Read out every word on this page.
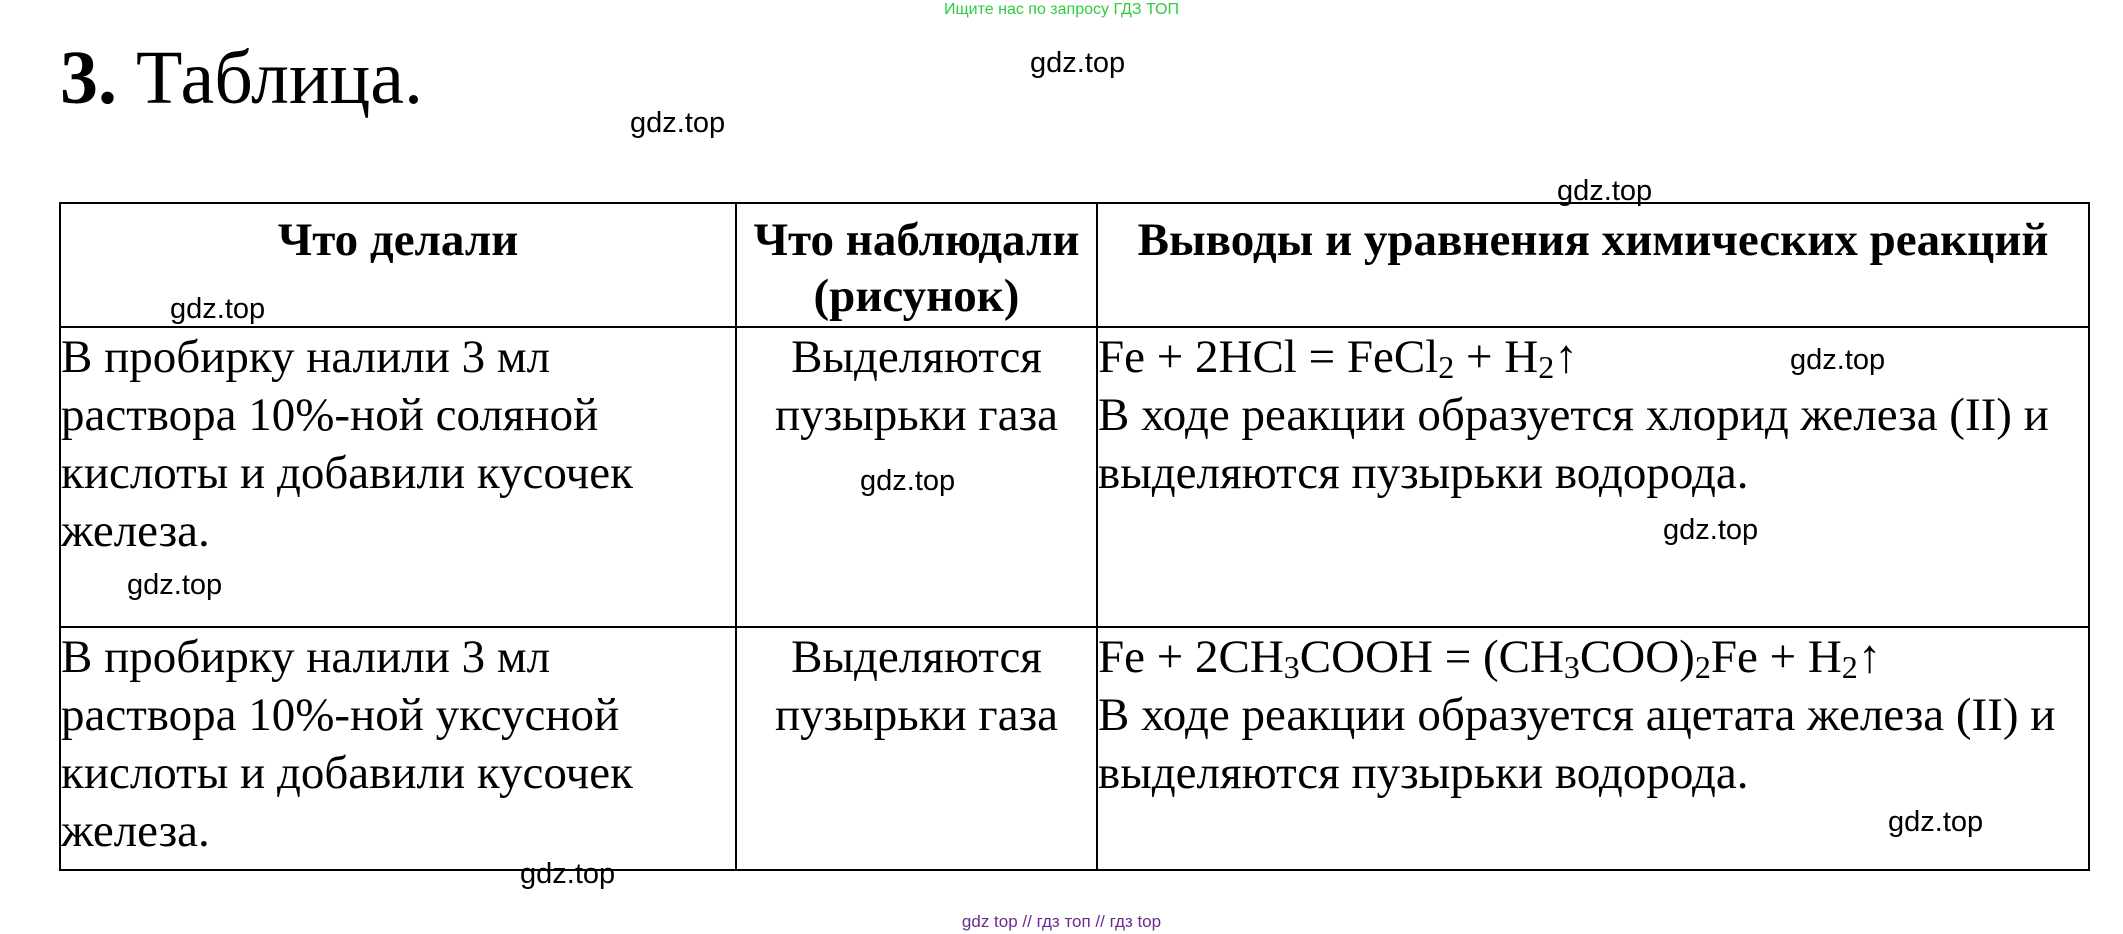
Ищите нас по запросу ГДЗ ТОП
3. Таблица.	gdz.top
gdz.top
gdz.top
Что делали	Что наблюдали (рисунок)	Выводы и уравнения химических реакций
В пробирку налили 3 мл раствора 10%-ной соляной кислоты и добавили кусочек железа.	Выделяются пузырьки газа	Fe + 2HCl = FeCl2 + H2↑
В ходе реакции образуется хлорид железа (II) и выделяются пузырьки водорода.

В пробирку налили 3 мл раствора 10%-ной уксусной кислоты и добавили кусочек железа.	Выделяются пузырьки газа	Fe + 2CH3COOH = (CH3COO)2Fe + H2↑
В ходе реакции образуется ацетата железа (II) и выделяются пузырьки водорода.
gdz.top
gdz.top
gdz.top
gdz.top
gdz.top
gdz.top
gdz.top
gdz top // гдз топ // гдз top
